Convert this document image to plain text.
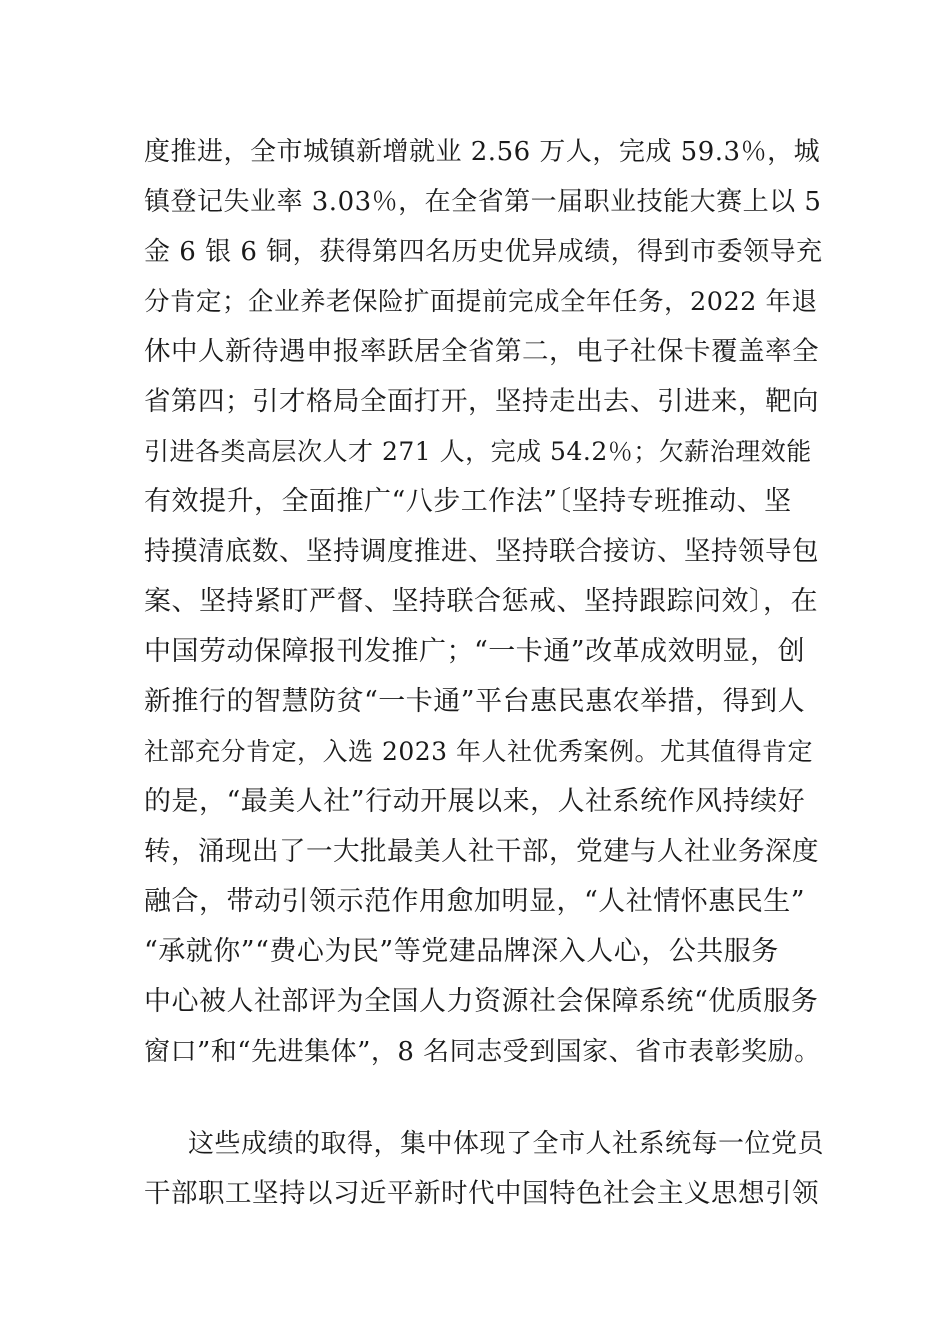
度推进，全市城镇新增就业 2.56 万人，完成 59.3％，城
镇登记失业率 3.03％，在全省第一届职业技能大赛上以 5
金 6 银 6 铜，获得第四名历史优异成绩，得到市委领导充
分肯定；企业养老保险扩面提前完成全年任务，2022 年退
休中人新待遇申报率跃居全省第二，电子社保卡覆盖率全
省第四；引才格局全面打开，坚持走出去、引进来，靶向
引进各类高层次人才 271 人，完成 54.2％；欠薪治理效能
有效提升，全面推广“八步工作法”〔坚持专班推动、坚
持摸清底数、坚持调度推进、坚持联合接访、坚持领导包
案、坚持紧盯严督、坚持联合惩戒、坚持跟踪问效〕，在
中国劳动保障报刊发推广；“一卡通”改革成效明显，创
新推行的智慧防贫“一卡通”平台惠民惠农举措，得到人
社部充分肯定，入选 2023 年人社优秀案例。尤其值得肯定
的是，“最美人社”行动开展以来，人社系统作风持续好
转，涌现出了一大批最美人社干部，党建与人社业务深度
融合，带动引领示范作用愈加明显，“人社情怀惠民生”
“承就你”“费心为民”等党建品牌深入人心，公共服务
中心被人社部评为全国人力资源社会保障系统“优质服务
窗口”和“先进集体”，8 名同志受到国家、省市表彰奖励。
这些成绩的取得，集中体现了全市人社系统每一位党员
干部职工坚持以习近平新时代中国特色社会主义思想引领
